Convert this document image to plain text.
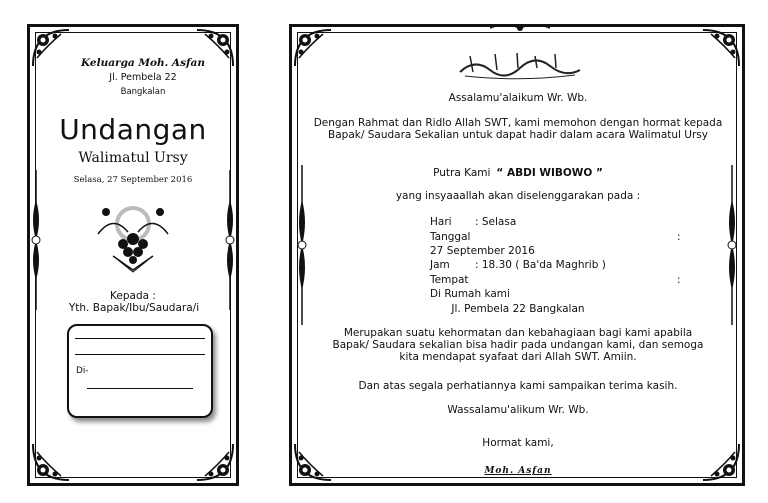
Keluarga Moh. Asfan
Jl. Pembela 22
Bangkalan
Undangan
Walimatul Ursy
Selasa, 27 September 2016
Kepada :
Yth. Bapak/Ibu/Saudara/i
Di-
Assalamu'alaikum Wr. Wb.
Dengan Rahmat dan Ridlo Allah SWT, kami memohon dengan hormat kepada Bapak/ Saudara Sekalian untuk dapat hadir dalam acara Walimatul Ursy
Putra Kami “ ABDI WIBOWO ”
yang insyaaallah akan diselenggarakan pada :
Hari : Selasa
Tanggal	:
27 September 2016
Jam : 18.30 ( Ba'da Maghrib )
Tempat	:
Di Rumah kami
Jl. Pembela 22 Bangkalan
Merupakan suatu kehormatan dan kebahagiaan bagi kami apabila Bapak/ Saudara sekalian bisa hadir pada undangan kami, dan semoga kita mendapat syafaat dari Allah SWT. Amiin.
Dan atas segala perhatiannya kami sampaikan terima kasih.
Wassalamu'alikum Wr. Wb.
Hormat kami,
Moh. Asfan
